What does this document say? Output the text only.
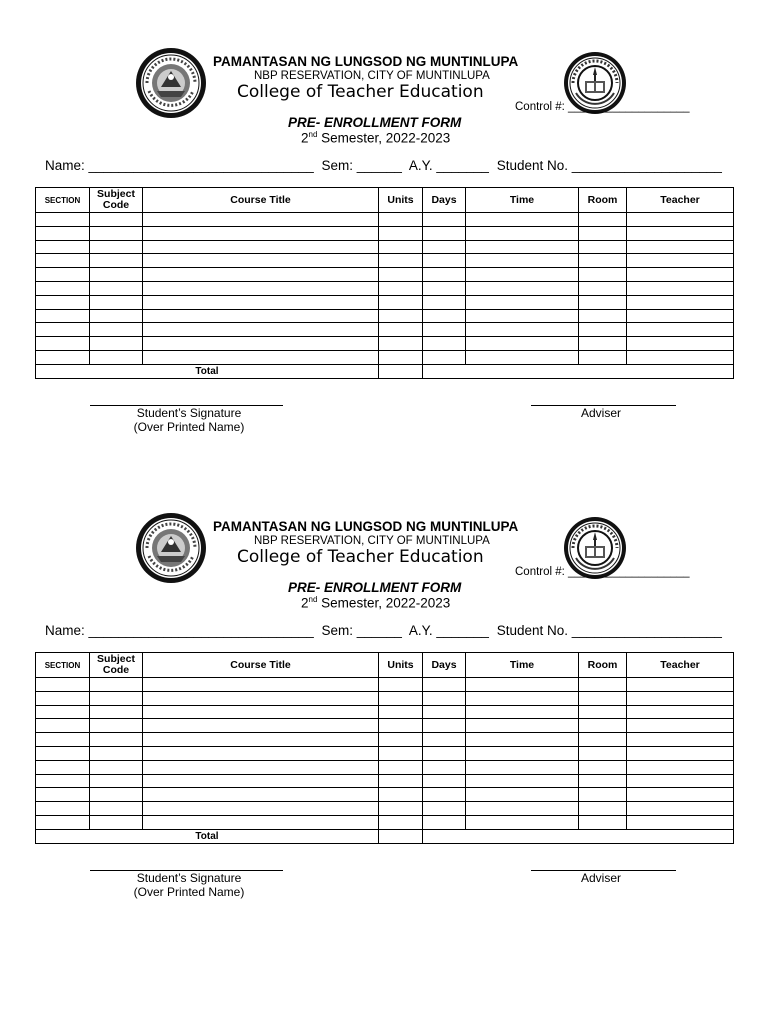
PAMANTASAN NG LUNGSOD NG MUNTINLUPA
NBP RESERVATION, CITY OF MUNTINLUPA
College of Teacher Education
Control #: ___________________
PRE- ENROLLMENT FORM
2nd Semester, 2022-2023
Name: ______________________________ Sem: ______ A.Y. _______ Student No. ____________________
SECTION	Subject Code	Course Title	Units	Days	Time	Room	Teacher

Total							
Student’s Signature
(Over Printed Name)
Adviser
PAMANTASAN NG LUNGSOD NG MUNTINLUPA
NBP RESERVATION, CITY OF MUNTINLUPA
College of Teacher Education
Control #: ___________________
PRE- ENROLLMENT FORM
2nd Semester, 2022-2023
Name: ______________________________ Sem: ______ A.Y. _______ Student No. ____________________
SECTION	Subject Code	Course Title	Units	Days	Time	Room	Teacher

Total							
Student’s Signature
(Over Printed Name)
Adviser
